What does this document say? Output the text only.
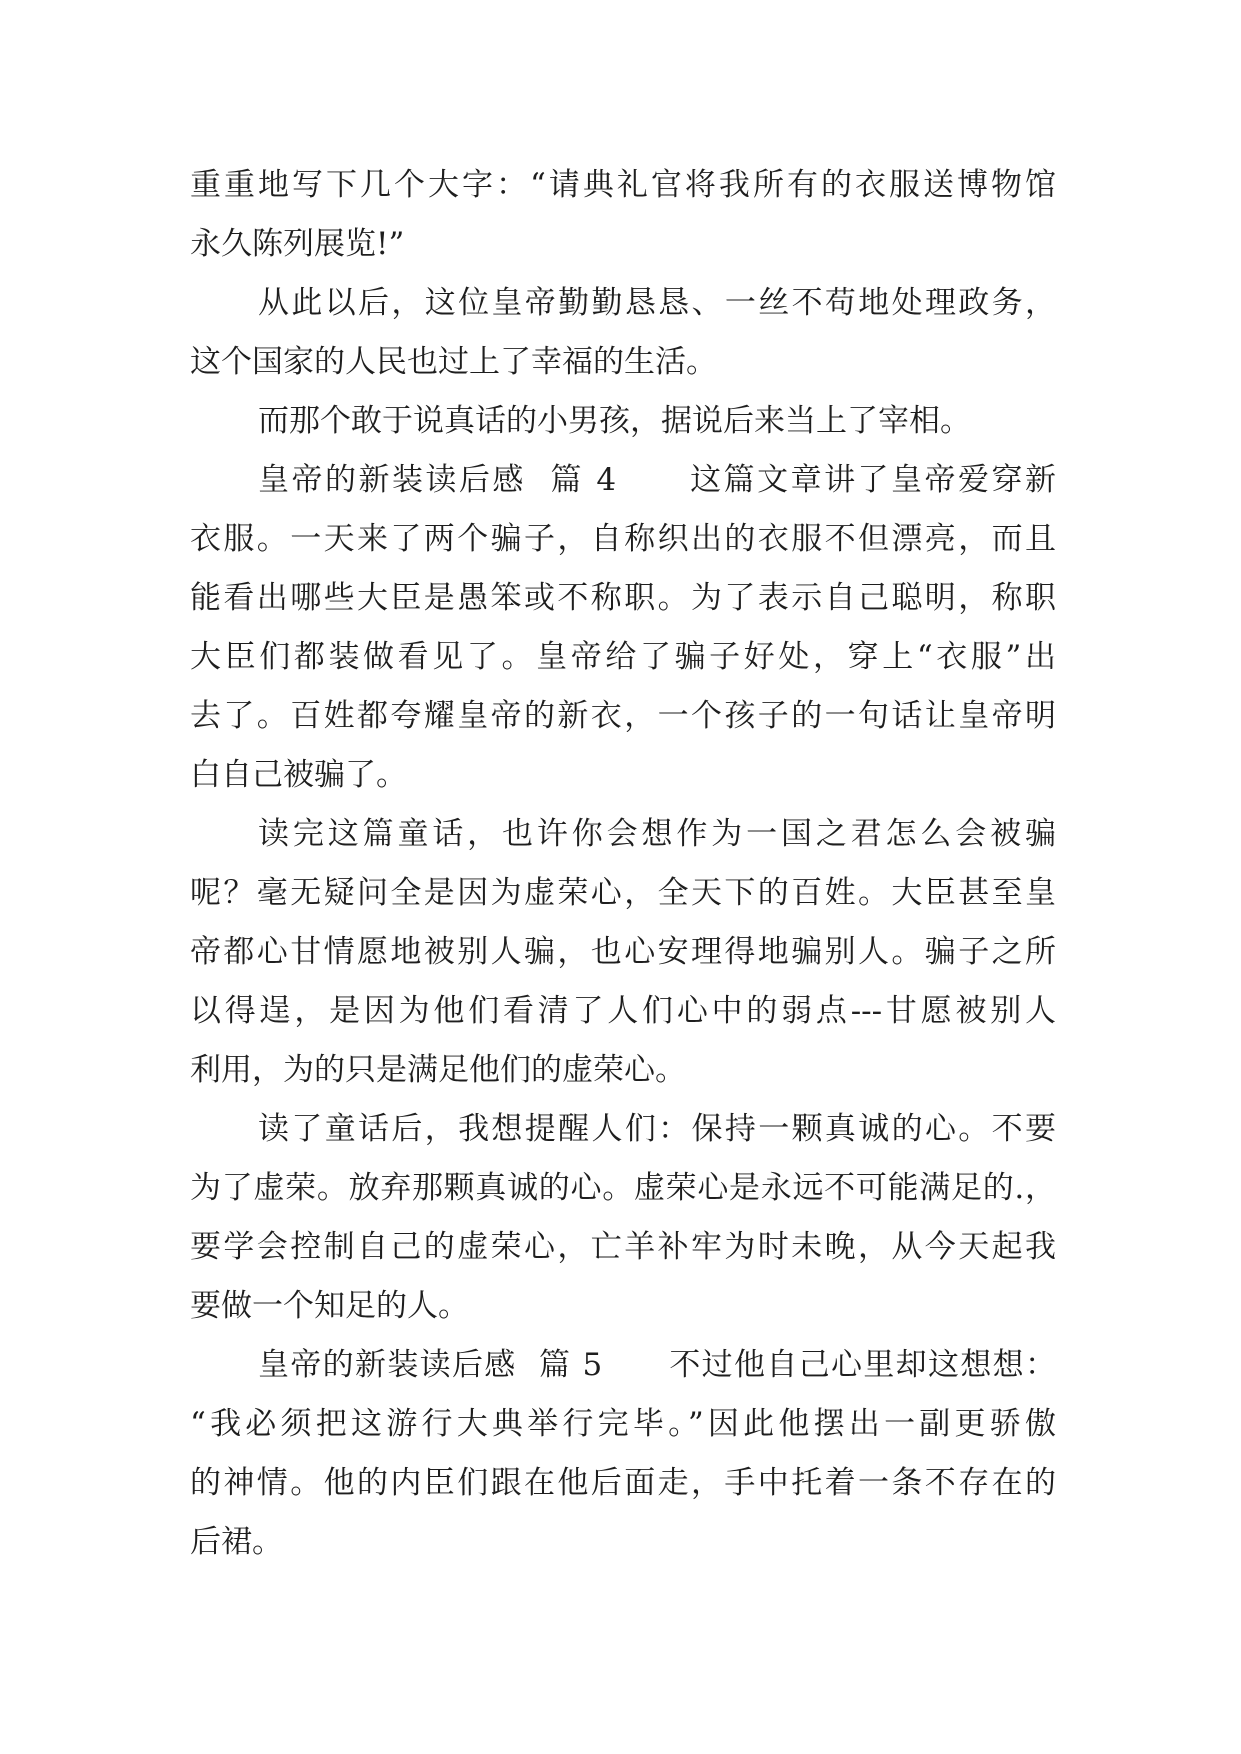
重重地写下几个大字：“请典礼官将我所有的衣服送博物馆
永久陈列展览!”
从此以后，这位皇帝勤勤恳恳、一丝不苟地处理政务，
这个国家的人民也过上了幸福的生活。
而那个敢于说真话的小男孩，据说后来当上了宰相。
皇帝的新装读后感  篇 4      这篇文章讲了皇帝爱穿新
衣服。一天来了两个骗子，自称织出的衣服不但漂亮，而且
能看出哪些大臣是愚笨或不称职。为了表示自己聪明，称职
大臣们都装做看见了。皇帝给了骗子好处，穿上“衣服”出
去了。百姓都夸耀皇帝的新衣，一个孩子的一句话让皇帝明
白自己被骗了。
读完这篇童话，也许你会想作为一国之君怎么会被骗
呢？毫无疑问全是因为虚荣心，全天下的百姓。大臣甚至皇
帝都心甘情愿地被别人骗，也心安理得地骗别人。骗子之所
以得逞，是因为他们看清了人们心中的弱点---甘愿被别人
利用，为的只是满足他们的虚荣心。
读了童话后，我想提醒人们：保持一颗真诚的心。不要
为了虚荣。放弃那颗真诚的心。虚荣心是永远不可能满足的.，
要学会控制自己的虚荣心，亡羊补牢为时未晚，从今天起我
要做一个知足的人。
皇帝的新装读后感  篇 5      不过他自己心里却这想想：
“我必须把这游行大典举行完毕。”因此他摆出一副更骄傲
的神情。他的内臣们跟在他后面走，手中托着一条不存在的
后裙。
